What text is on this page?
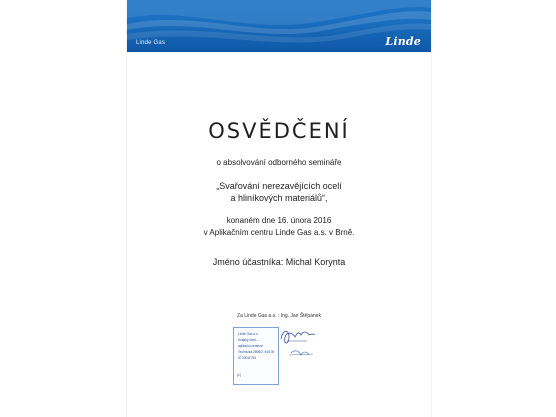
Linde Gas	Linde
OSVĚDČENÍ
o absolvování odborného semináře
„Svařování nerezavějících ocelí
a hliníkových materiálů“,
konaném dne 16. února 2016
v Aplikačním centru Linde Gas a.s. v Brně.
Jméno účastníka: Michal Korynta
Za Linde Gas a.s. : Ing. Jan Štěpánek
Linde Gas a.s.
Krajský úřad –
aplikační centrum
Technická 2896/2, 616 00
IČ 00011754
(1)
